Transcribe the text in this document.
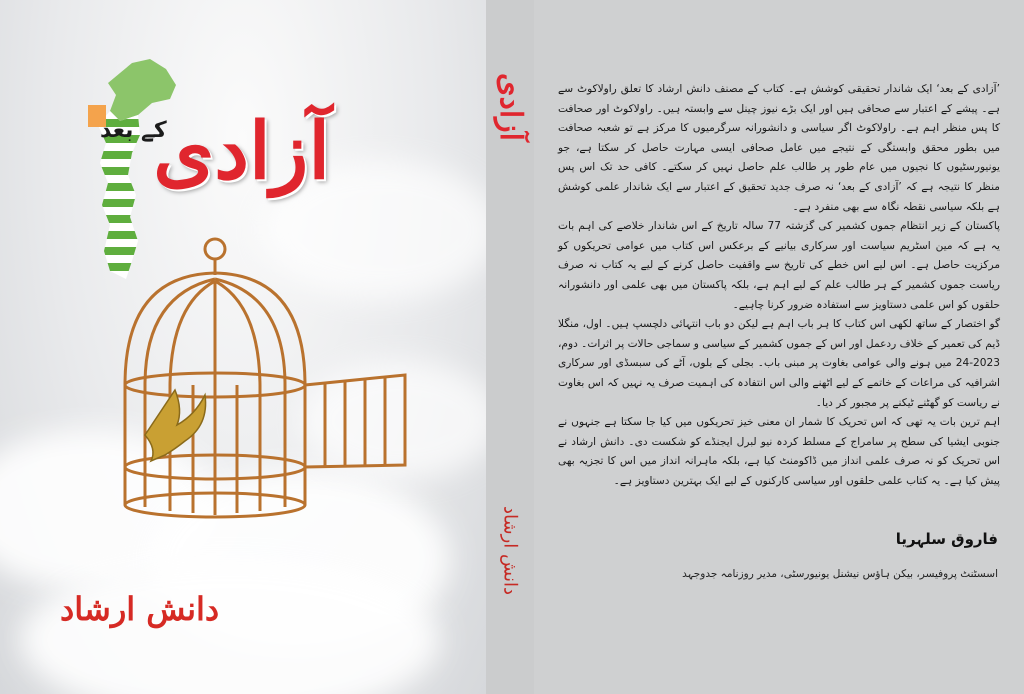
آزادی
کے بعد
دانش ارشاد
آزادی
دانش ارشاد

’آزادی کے بعد‘ ایک شاندار تحقیقی کوشش ہے۔ کتاب کے مصنف دانش ارشاد کا تعلق راولاکوٹ سے ہے۔ پیشے کے اعتبار سے صحافی ہیں اور ایک بڑے نیوز چینل سے وابستہ ہیں۔ راولاکوٹ اور صحافت کا پس منظر اہم ہے۔ راولاکوٹ اگر سیاسی و دانشورانہ سرگرمیوں کا مرکز ہے تو شعبہ صحافت میں بطور محقق وابستگی کے نتیجے میں عامل صحافی ایسی مہارت حاصل کر سکتا ہے، جو یونیورسٹیوں کا نجیوں میں عام طور پر طالب علم حاصل نہیں کر سکتے۔ کافی حد تک اس پس منظر کا نتیجہ ہے کہ ’آزادی کے بعد‘ نہ صرف جدید تحقیق کے اعتبار سے ایک شاندار علمی کوشش ہے بلکہ سیاسی نقطہ نگاہ سے بھی منفرد ہے۔

پاکستان کے زیر انتظام جموں کشمیر کی گزشتہ 77 سالہ تاریخ کے اس شاندار خلاصے کی اہم بات یہ ہے کہ مین اسٹریم سیاست اور سرکاری بیانیے کے برعکس اس کتاب میں عوامی تحریکوں کو مرکزیت حاصل ہے۔ اس لیے اس خطے کی تاریخ سے واقفیت حاصل کرنے کے لیے یہ کتاب نہ صرف ریاست جموں کشمیر کے ہر طالب علم کے لیے اہم ہے، بلکہ پاکستان میں بھی علمی اور دانشورانہ حلقوں کو اس علمی دستاویز سے استفادہ ضرور کرنا چاہیے۔

گو اختصار کے ساتھ لکھی اس کتاب کا ہر باب اہم ہے لیکن دو باب انتہائی دلچسپ ہیں۔ اول، منگلا ڈیم کی تعمیر کے خلاف ردعمل اور اس کے جموں کشمیر کے سیاسی و سماجی حالات پر اثرات۔ دوم، 2023-24 میں ہونے والی عوامی بغاوت پر مبنی باب۔ بجلی کے بلوں، آٹے کی سبسڈی اور سرکاری اشرافیہ کی مراعات کے خاتمے کے لیے اٹھنے والی اس انتفادہ کی اہمیت صرف یہ نہیں کہ اس بغاوت نے ریاست کو گھٹنے ٹیکنے پر مجبور کر دیا۔

اہم ترین بات یہ تھی کہ اس تحریک کا شمار ان معنی خیز تحریکوں میں کیا جا سکتا ہے جنہوں نے جنوبی ایشیا کی سطح پر سامراج کے مسلط کردہ نیو لبرل ایجنڈے کو شکست دی۔ دانش ارشاد نے اس تحریک کو نہ صرف علمی انداز میں ڈاکومنٹ کیا ہے، بلکہ ماہرانہ انداز میں اس کا تجزیہ بھی پیش کیا ہے۔ یہ کتاب علمی حلقوں اور سیاسی کارکنوں کے لیے ایک بہترین دستاویز ہے۔

فاروق سلہریا
اسسٹنٹ پروفیسر، بیکن ہاؤس نیشنل یونیورسٹی، مدیر روزنامہ جدوجہد
